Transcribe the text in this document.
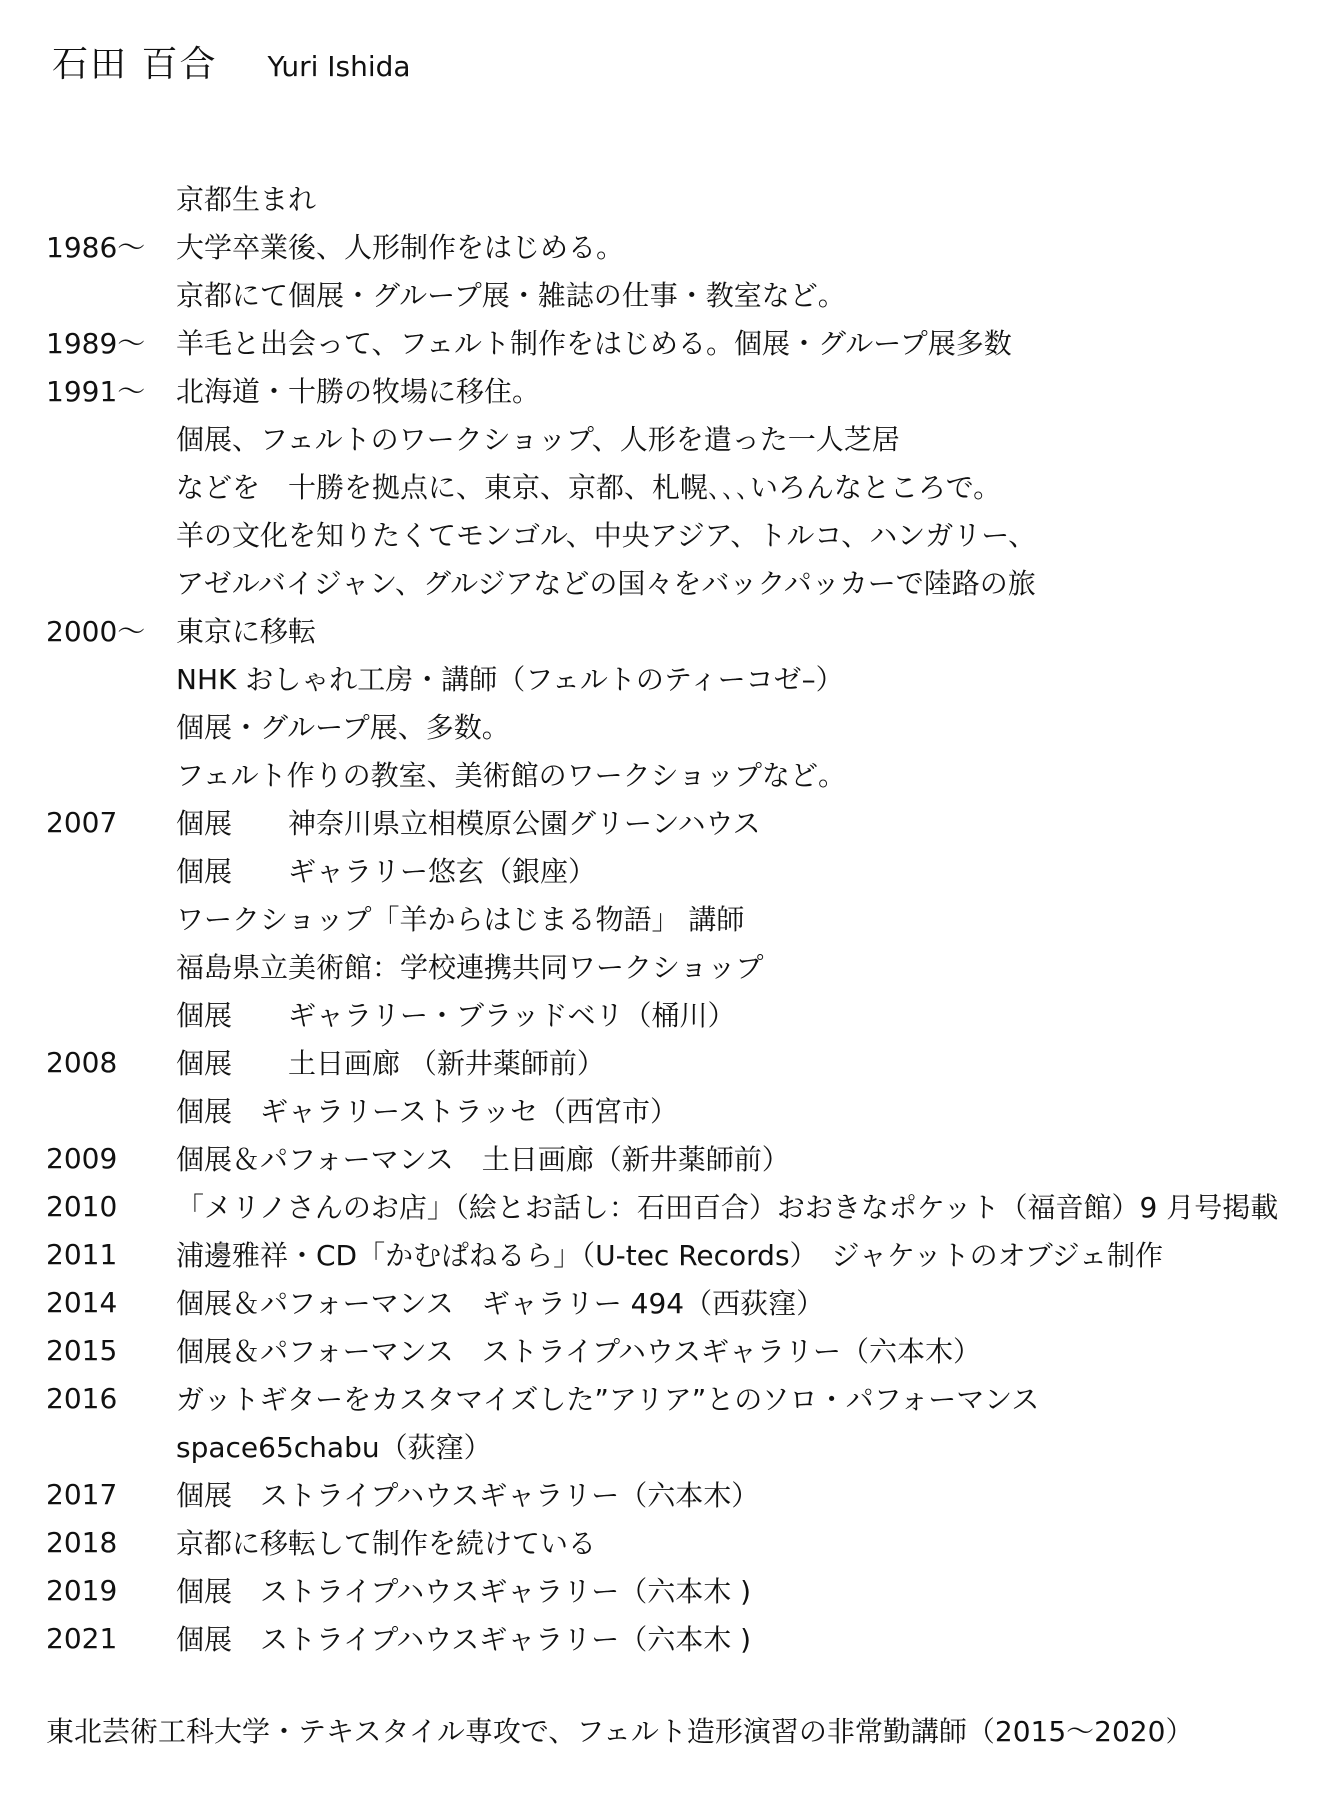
石田 百合 Yuri Ishida
京都生まれ
1986〜	大学卒業後、人形制作をはじめる。
京都にて個展・グループ展・雑誌の仕事・教室など。
1989〜	羊毛と出会って、フェルト制作をはじめる。個展・グループ展多数
1991〜	北海道・十勝の牧場に移住。
個展、フェルトのワークショップ、人形を遣った一人芝居
などを　十勝を拠点に、東京、京都、札幌､､､いろんなところで。
羊の文化を知りたくてモンゴル、中央アジア、トルコ、ハンガリー、
アゼルバイジャン、グルジアなどの国々をバックパッカーで陸路の旅
2000〜	東京に移転
NHK おしゃれ工房・講師（フェルトのティーコゼ–）
個展・グループ展、多数。
フェルト作りの教室、美術館のワークショップなど。
2007	個展　　神奈川県立相模原公園グリーンハウス
個展　　ギャラリー悠玄（銀座）
ワークショップ「羊からはじまる物語」 講師
福島県立美術館：学校連携共同ワークショップ
個展　　ギャラリー・ブラッドベリ（桶川）
2008	個展　　土日画廊 （新井薬師前）
個展　ギャラリーストラッセ（西宮市）
2009	個展＆パフォーマンス　土日画廊（新井薬師前）
2010	「メリノさんのお店」（絵とお話し：石田百合）おおきなポケット（福音館）9 月号掲載
2011	浦邊雅祥・CD「かむぱねるら」（U-tec Records）　ジャケットのオブジェ制作
2014	個展＆パフォーマンス　ギャラリー 494（西荻窪）
2015	個展＆パフォーマンス　ストライプハウスギャラリー（六本木）
2016	ガットギターをカスタマイズした”アリア”とのソロ・パフォーマンス
space65chabu（荻窪）
2017	個展　ストライプハウスギャラリー（六本木）
2018	京都に移転して制作を続けている
2019	個展　ストライプハウスギャラリー（六本木 )
2021	個展　ストライプハウスギャラリー（六本木 )
東北芸術工科大学・テキスタイル専攻で、フェルト造形演習の非常勤講師（2015〜2020）
